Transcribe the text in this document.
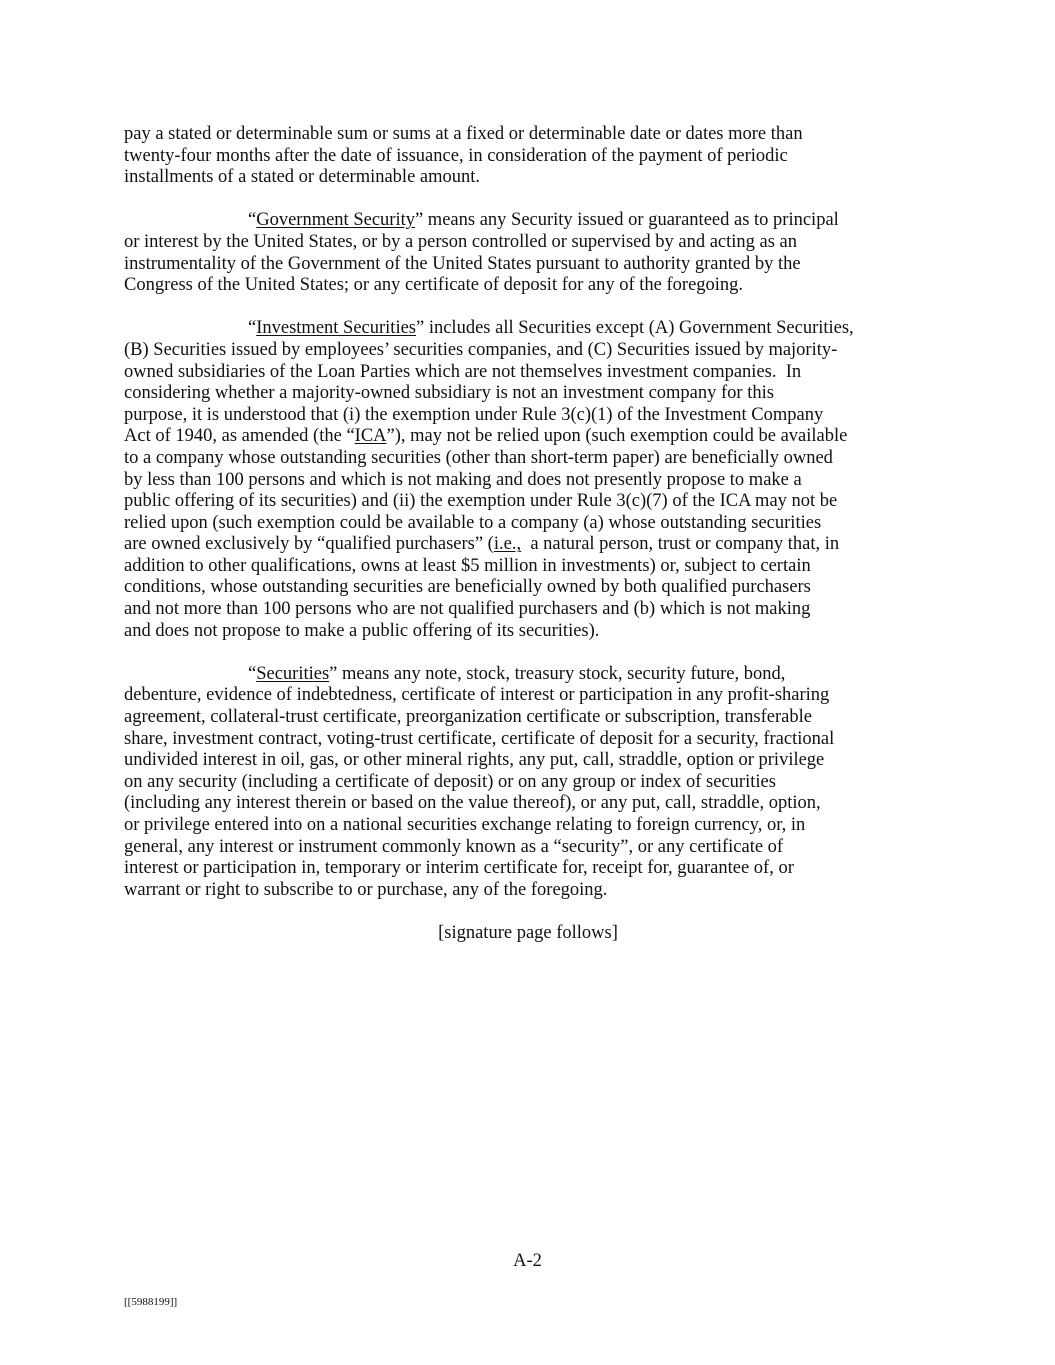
pay a stated or determinable sum or sums at a fixed or determinable date or dates more than
twenty-four months after the date of issuance, in consideration of the payment of periodic
installments of a stated or determinable amount.
“Government Security” means any Security issued or guaranteed as to principal
or interest by the United States, or by a person controlled or supervised by and acting as an
instrumentality of the Government of the United States pursuant to authority granted by the
Congress of the United States; or any certificate of deposit for any of the foregoing.
“Investment Securities” includes all Securities except (A) Government Securities,
(B) Securities issued by employees’ securities companies, and (C) Securities issued by majority-
owned subsidiaries of the Loan Parties which are not themselves investment companies.  In
considering whether a majority-owned subsidiary is not an investment company for this
purpose, it is understood that (i) the exemption under Rule 3(c)(1) of the Investment Company
Act of 1940, as amended (the “ICA”), may not be relied upon (such exemption could be available
to a company whose outstanding securities (other than short-term paper) are beneficially owned
by less than 100 persons and which is not making and does not presently propose to make a
public offering of its securities) and (ii) the exemption under Rule 3(c)(7) of the ICA may not be
relied upon (such exemption could be available to a company (a) whose outstanding securities
are owned exclusively by “qualified purchasers” (i.e.,  a natural person, trust or company that, in
addition to other qualifications, owns at least $5 million in investments) or, subject to certain
conditions, whose outstanding securities are beneficially owned by both qualified purchasers
and not more than 100 persons who are not qualified purchasers and (b) which is not making
and does not propose to make a public offering of its securities).
“Securities” means any note, stock, treasury stock, security future, bond,
debenture, evidence of indebtedness, certificate of interest or participation in any profit-sharing
agreement, collateral-trust certificate, preorganization certificate or subscription, transferable
share, investment contract, voting-trust certificate, certificate of deposit for a security, fractional
undivided interest in oil, gas, or other mineral rights, any put, call, straddle, option or privilege
on any security (including a certificate of deposit) or on any group or index of securities
(including any interest therein or based on the value thereof), or any put, call, straddle, option,
or privilege entered into on a national securities exchange relating to foreign currency, or, in
general, any interest or instrument commonly known as a “security”, or any certificate of
interest or participation in, temporary or interim certificate for, receipt for, guarantee of, or
warrant or right to subscribe to or purchase, any of the foregoing.
[signature page follows]
A-2
[[5988199]]
